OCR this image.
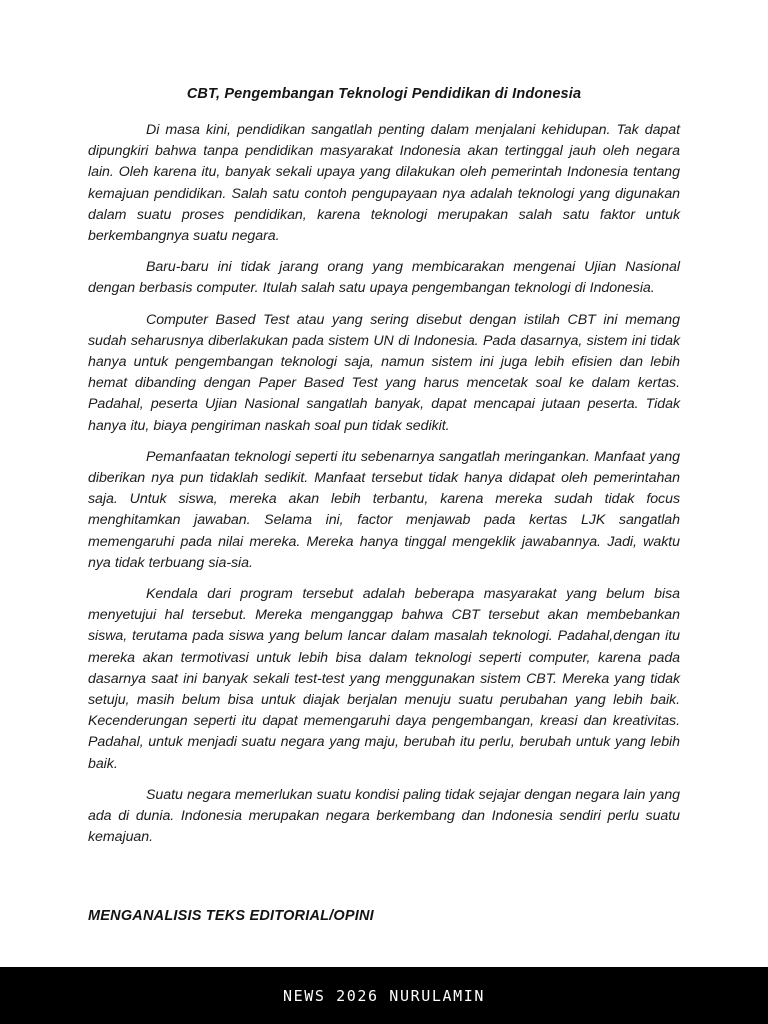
CBT, Pengembangan Teknologi Pendidikan di Indonesia

Di masa kini, pendidikan sangatlah penting dalam menjalani kehidupan. Tak dapat dipungkiri bahwa tanpa pendidikan masyarakat Indonesia akan tertinggal jauh oleh negara lain. Oleh karena itu, banyak sekali upaya yang dilakukan oleh pemerintah Indonesia tentang kemajuan pendidikan. Salah satu contoh pengupayaan nya adalah teknologi yang digunakan dalam suatu proses pendidikan, karena teknologi merupakan salah satu faktor untuk berkembangnya suatu negara.

Baru-baru ini tidak jarang orang yang membicarakan mengenai Ujian Nasional dengan berbasis computer. Itulah salah satu upaya pengembangan teknologi di Indonesia.

Computer Based Test atau yang sering disebut dengan istilah CBT ini memang sudah seharusnya diberlakukan pada sistem UN di Indonesia. Pada dasarnya, sistem ini tidak hanya untuk pengembangan teknologi saja, namun sistem ini juga lebih efisien dan lebih hemat dibanding dengan Paper Based Test yang harus mencetak soal ke dalam kertas. Padahal, peserta Ujian Nasional sangatlah banyak, dapat mencapai jutaan peserta. Tidak hanya itu, biaya pengiriman naskah soal pun tidak sedikit.

Pemanfaatan teknologi seperti itu sebenarnya sangatlah meringankan. Manfaat yang diberikan nya pun tidaklah sedikit. Manfaat tersebut tidak hanya didapat oleh pemerintahan saja. Untuk siswa, mereka akan lebih terbantu, karena mereka sudah tidak focus menghitamkan jawaban. Selama ini, factor menjawab pada kertas LJK sangatlah memengaruhi pada nilai mereka. Mereka hanya tinggal mengeklik jawabannya. Jadi, waktu nya tidak terbuang sia-sia.

Kendala dari program tersebut adalah beberapa masyarakat yang belum bisa menyetujui hal tersebut. Mereka menganggap bahwa CBT tersebut akan membebankan siswa, terutama pada siswa yang belum lancar dalam masalah teknologi. Padahal,dengan itu mereka akan termotivasi untuk lebih bisa dalam teknologi seperti computer, karena pada dasarnya saat ini banyak sekali test-test yang menggunakan sistem CBT. Mereka yang tidak setuju, masih belum bisa untuk diajak berjalan menuju suatu perubahan yang lebih baik. Kecenderungan seperti itu dapat memengaruhi daya pengembangan, kreasi dan kreativitas. Padahal, untuk menjadi suatu negara yang maju, berubah itu perlu, berubah untuk yang lebih baik.

Suatu negara memerlukan suatu kondisi paling tidak sejajar dengan negara lain yang ada di dunia. Indonesia merupakan negara berkembang dan Indonesia sendiri perlu suatu kemajuan.

MENGANALISIS TEKS EDITORIAL/OPINI
NEWS 2026 NURULAMIN
